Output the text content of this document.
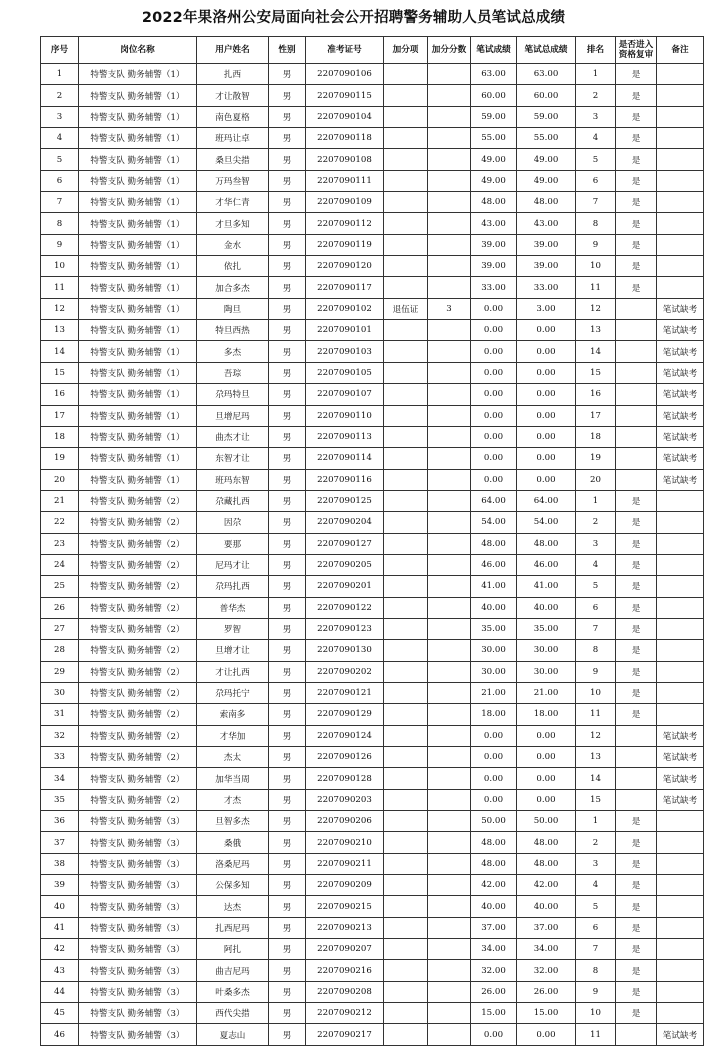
2022年果洛州公安局面向社会公开招聘警务辅助人员笔试总成绩
序号	岗位名称	用户姓名	性别	准考证号	加分项	加分分数	笔试成绩	笔试总成绩	排名	是否进入资格复审	备注
1	特警支队 勤务辅警（1）	扎西	男	2207090106			63.00	63.00	1	是	
2	特警支队 勤务辅警（1）	才让散智	男	2207090115			60.00	60.00	2	是	
3	特警支队 勤务辅警（1）	南色夏格	男	2207090104			59.00	59.00	3	是	
4	特警支队 勤务辅警（1）	班玛让卓	男	2207090118			55.00	55.00	4	是	
5	特警支队 勤务辅警（1）	桑旦尖措	男	2207090108			49.00	49.00	5	是	
6	特警支队 勤务辅警（1）	万玛叁智	男	2207090111			49.00	49.00	6	是	
7	特警支队 勤务辅警（1）	才华仁青	男	2207090109			48.00	48.00	7	是	
8	特警支队 勤务辅警（1）	才旦多知	男	2207090112			43.00	43.00	8	是	
9	特警支队 勤务辅警（1）	金水	男	2207090119			39.00	39.00	9	是	
10	特警支队 勤务辅警（1）	依扎	男	2207090120			39.00	39.00	10	是	
11	特警支队 勤务辅警（1）	加合多杰	男	2207090117			33.00	33.00	11	是	
12	特警支队 勤务辅警（1）	陶旦	男	2207090102	退伍证	3	0.00	3.00	12		笔试缺考
13	特警支队 勤务辅警（1）	特旦西热	男	2207090101			0.00	0.00	13		笔试缺考
14	特警支队 勤务辅警（1）	多杰	男	2207090103			0.00	0.00	14		笔试缺考
15	特警支队 勤务辅警（1）	吾琮	男	2207090105			0.00	0.00	15		笔试缺考
16	特警支队 勤务辅警（1）	尕玛特旦	男	2207090107			0.00	0.00	16		笔试缺考
17	特警支队 勤务辅警（1）	旦增尼玛	男	2207090110			0.00	0.00	17		笔试缺考
18	特警支队 勤务辅警（1）	曲杰才让	男	2207090113			0.00	0.00	18		笔试缺考
19	特警支队 勤务辅警（1）	东智才让	男	2207090114			0.00	0.00	19		笔试缺考
20	特警支队 勤务辅警（1）	班玛东智	男	2207090116			0.00	0.00	20		笔试缺考
21	特警支队 勤务辅警（2）	尕藏扎西	男	2207090125			64.00	64.00	1	是	
22	特警支队 勤务辅警（2）	因尕	男	2207090204			54.00	54.00	2	是	
23	特警支队 勤务辅警（2）	要那	男	2207090127			48.00	48.00	3	是	
24	特警支队 勤务辅警（2）	尼玛才让	男	2207090205			46.00	46.00	4	是	
25	特警支队 勤务辅警（2）	尕玛扎西	男	2207090201			41.00	41.00	5	是	
26	特警支队 勤务辅警（2）	普华杰	男	2207090122			40.00	40.00	6	是	
27	特警支队 勤务辅警（2）	罗智	男	2207090123			35.00	35.00	7	是	
28	特警支队 勤务辅警（2）	旦增才让	男	2207090130			30.00	30.00	8	是	
29	特警支队 勤务辅警（2）	才让扎西	男	2207090202			30.00	30.00	9	是	
30	特警支队 勤务辅警（2）	尕玛托宁	男	2207090121			21.00	21.00	10	是	
31	特警支队 勤务辅警（2）	索南多	男	2207090129			18.00	18.00	11	是	
32	特警支队 勤务辅警（2）	才华加	男	2207090124			0.00	0.00	12		笔试缺考
33	特警支队 勤务辅警（2）	杰太	男	2207090126			0.00	0.00	13		笔试缺考
34	特警支队 勤务辅警（2）	加华当周	男	2207090128			0.00	0.00	14		笔试缺考
35	特警支队 勤务辅警（2）	才杰	男	2207090203			0.00	0.00	15		笔试缺考
36	特警支队 勤务辅警（3）	旦智多杰	男	2207090206			50.00	50.00	1	是	
37	特警支队 勤务辅警（3）	桑俄	男	2207090210			48.00	48.00	2	是	
38	特警支队 勤务辅警（3）	洛桑尼玛	男	2207090211			48.00	48.00	3	是	
39	特警支队 勤务辅警（3）	公保多知	男	2207090209			42.00	42.00	4	是	
40	特警支队 勤务辅警（3）	达杰	男	2207090215			40.00	40.00	5	是	
41	特警支队 勤务辅警（3）	扎西尼玛	男	2207090213			37.00	37.00	6	是	
42	特警支队 勤务辅警（3）	阿扎	男	2207090207			34.00	34.00	7	是	
43	特警支队 勤务辅警（3）	曲吉尼玛	男	2207090216			32.00	32.00	8	是	
44	特警支队 勤务辅警（3）	叶桑多杰	男	2207090208			26.00	26.00	9	是	
45	特警支队 勤务辅警（3）	西代尖措	男	2207090212			15.00	15.00	10	是	
46	特警支队 勤务辅警（3）	夏志山	男	2207090217			0.00	0.00	11		笔试缺考
